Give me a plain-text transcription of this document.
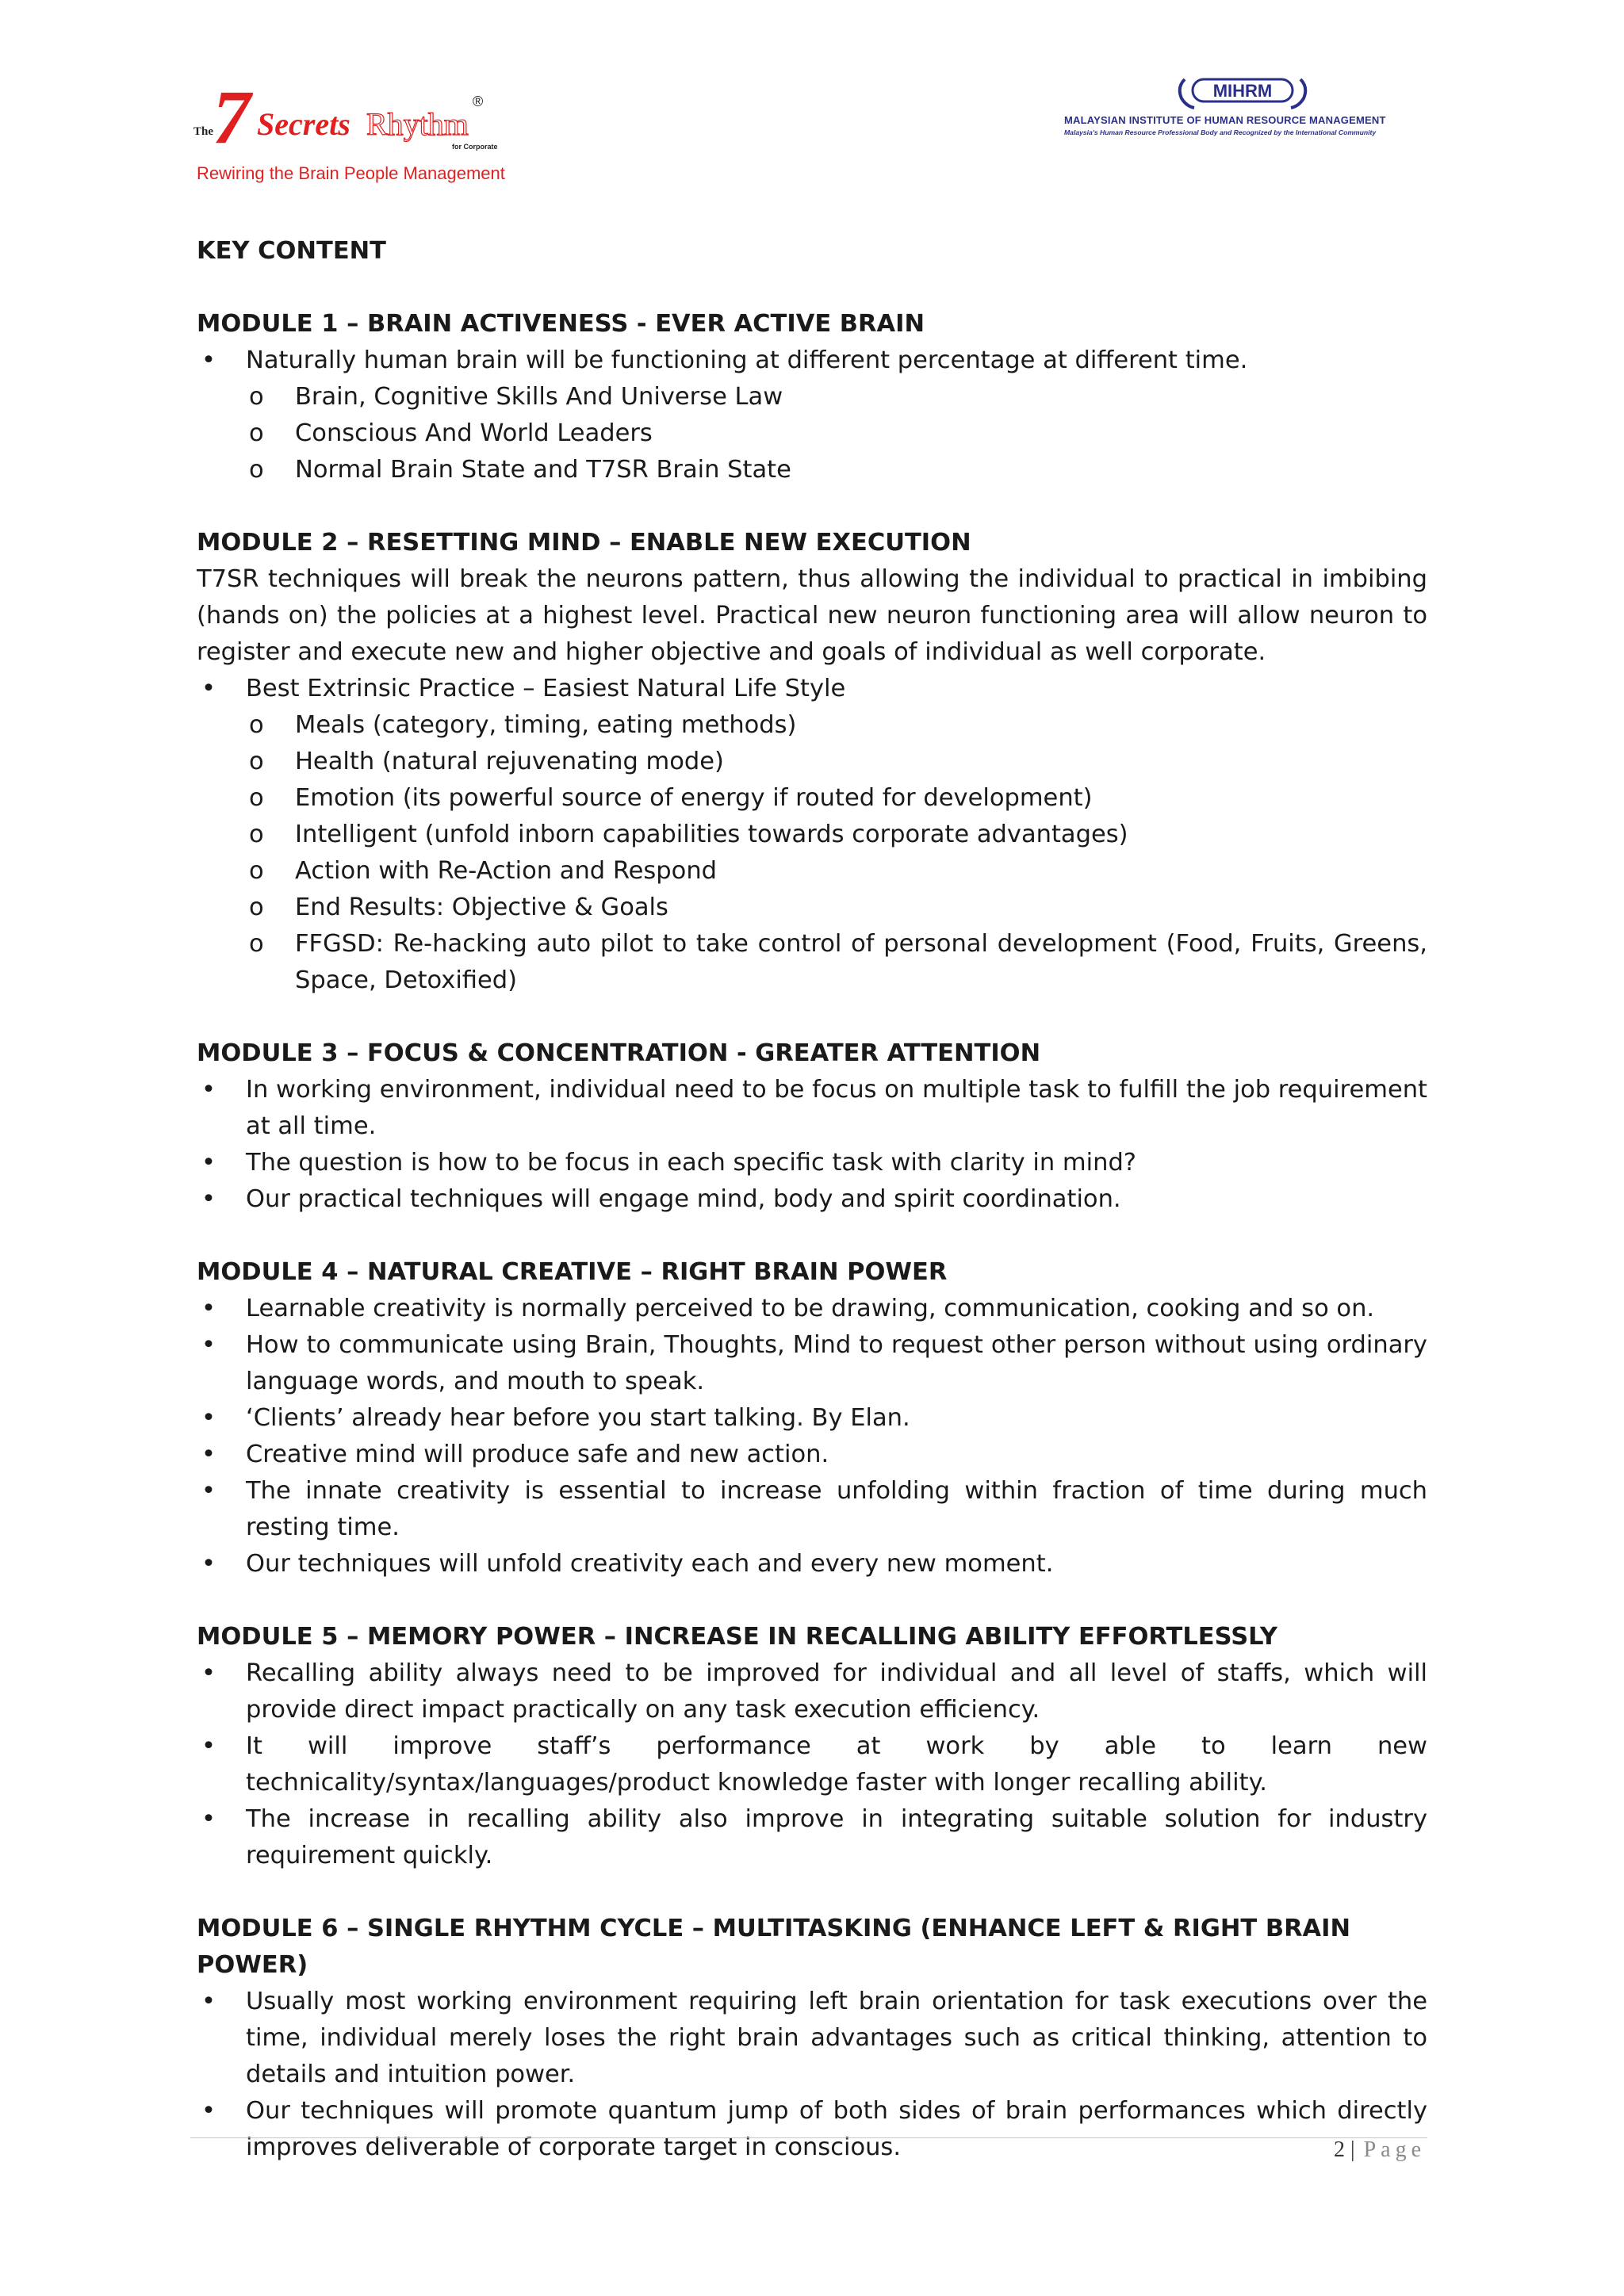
The
7 Secrets Rhythm
®
for Corporate
Rewiring the Brain People Management
MIHRM
MALAYSIAN INSTITUTE OF HUMAN RESOURCE MANAGEMENT
Malaysia's Human Resource Professional Body and Recognized by the International Community
KEY CONTENT
MODULE 1 – BRAIN ACTIVENESS - EVER ACTIVE BRAIN
• Naturally human brain will be functioning at different percentage at different time.
o Brain, Cognitive Skills And Universe Law
o Conscious And World Leaders
o Normal Brain State and T7SR Brain State
MODULE 2 – RESETTING MIND – ENABLE NEW EXECUTION
T7SR techniques will break the neurons pattern, thus allowing the individual to practical in imbibing (hands on) the policies at a highest level. Practical new neuron functioning area will allow neuron to register and execute new and higher objective and goals of individual as well corporate.
• Best Extrinsic Practice – Easiest Natural Life Style
o Meals (category, timing, eating methods)
o Health (natural rejuvenating mode)
o Emotion (its powerful source of energy if routed for development)
o Intelligent (unfold inborn capabilities towards corporate advantages)
o Action with Re-Action and Respond
o End Results: Objective & Goals
o FFGSD: Re-hacking auto pilot to take control of personal development (Food, Fruits, Greens, Space, Detoxified)
MODULE 3 – FOCUS & CONCENTRATION - GREATER ATTENTION
• In working environment, individual need to be focus on multiple task to fulfill the job requirement at all time.
• The question is how to be focus in each specific task with clarity in mind?
• Our practical techniques will engage mind, body and spirit coordination.
MODULE 4 – NATURAL CREATIVE – RIGHT BRAIN POWER
• Learnable creativity is normally perceived to be drawing, communication, cooking and so on.
• How to communicate using Brain, Thoughts, Mind to request other person without using ordinary language words, and mouth to speak.
• ‘Clients’ already hear before you start talking. By Elan.
• Creative mind will produce safe and new action.
• The innate creativity is essential to increase unfolding within fraction of time during much resting time.
• Our techniques will unfold creativity each and every new moment.
MODULE 5 – MEMORY POWER – INCREASE IN RECALLING ABILITY EFFORTLESSLY
• Recalling ability always need to be improved for individual and all level of staffs, which will provide direct impact practically on any task execution efficiency.
• It will improve staff’s performance at work by able to learn new technicality/syntax/languages/product knowledge faster with longer recalling ability.
• The increase in recalling ability also improve in integrating suitable solution for industry requirement quickly.
MODULE 6 – SINGLE RHYTHM CYCLE – MULTITASKING (ENHANCE LEFT & RIGHT BRAIN POWER)
• Usually most working environment requiring left brain orientation for task executions over the time, individual merely loses the right brain advantages such as critical thinking, attention to details and intuition power.
• Our techniques will promote quantum jump of both sides of brain performances which directly improves deliverable of corporate target in conscious.	2 | Page
